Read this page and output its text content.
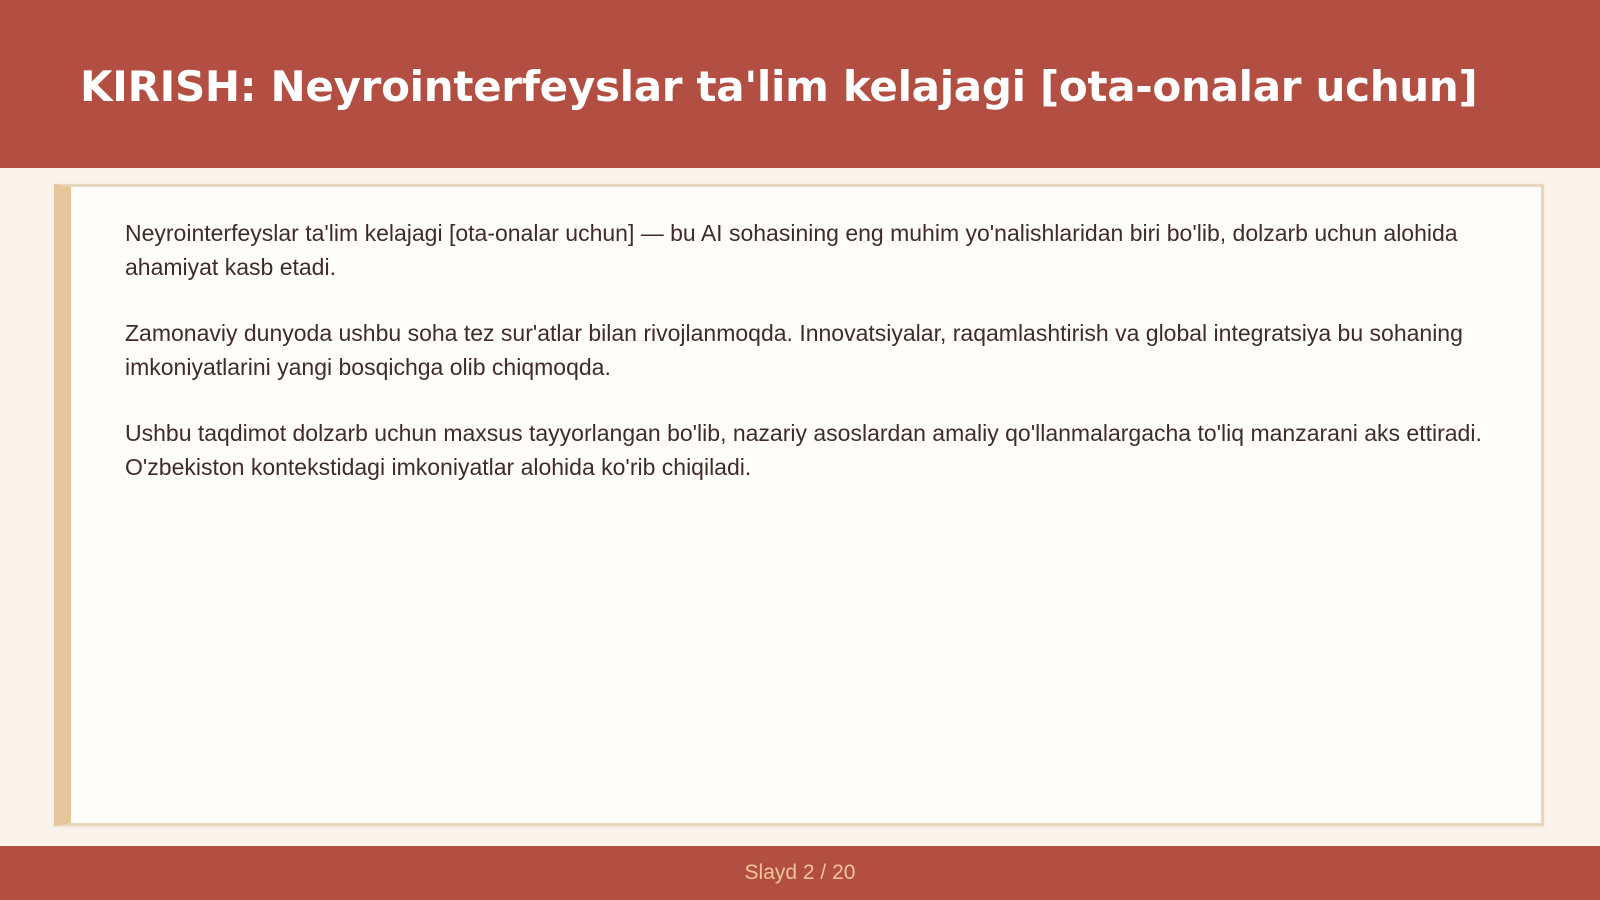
KIRISH: Neyrointerfeyslar ta'lim kelajagi [ota-onalar uchun]

Neyrointerfeyslar ta'lim kelajagi [ota-onalar uchun] — bu AI sohasining eng muhim yo'nalishlaridan biri bo'lib, dolzarb uchun alohida ahamiyat kasb etadi.

Zamonaviy dunyoda ushbu soha tez sur'atlar bilan rivojlanmoqda. Innovatsiyalar, raqamlashtirish va global integratsiya bu sohaning imkoniyatlarini yangi bosqichga olib chiqmoqda.

Ushbu taqdimot dolzarb uchun maxsus tayyorlangan bo'lib, nazariy asoslardan amaliy qo'llanmalargacha to'liq manzarani aks ettiradi. O'zbekiston kontekstidagi imkoniyatlar alohida ko'rib chiqiladi.

Slayd 2 / 20
